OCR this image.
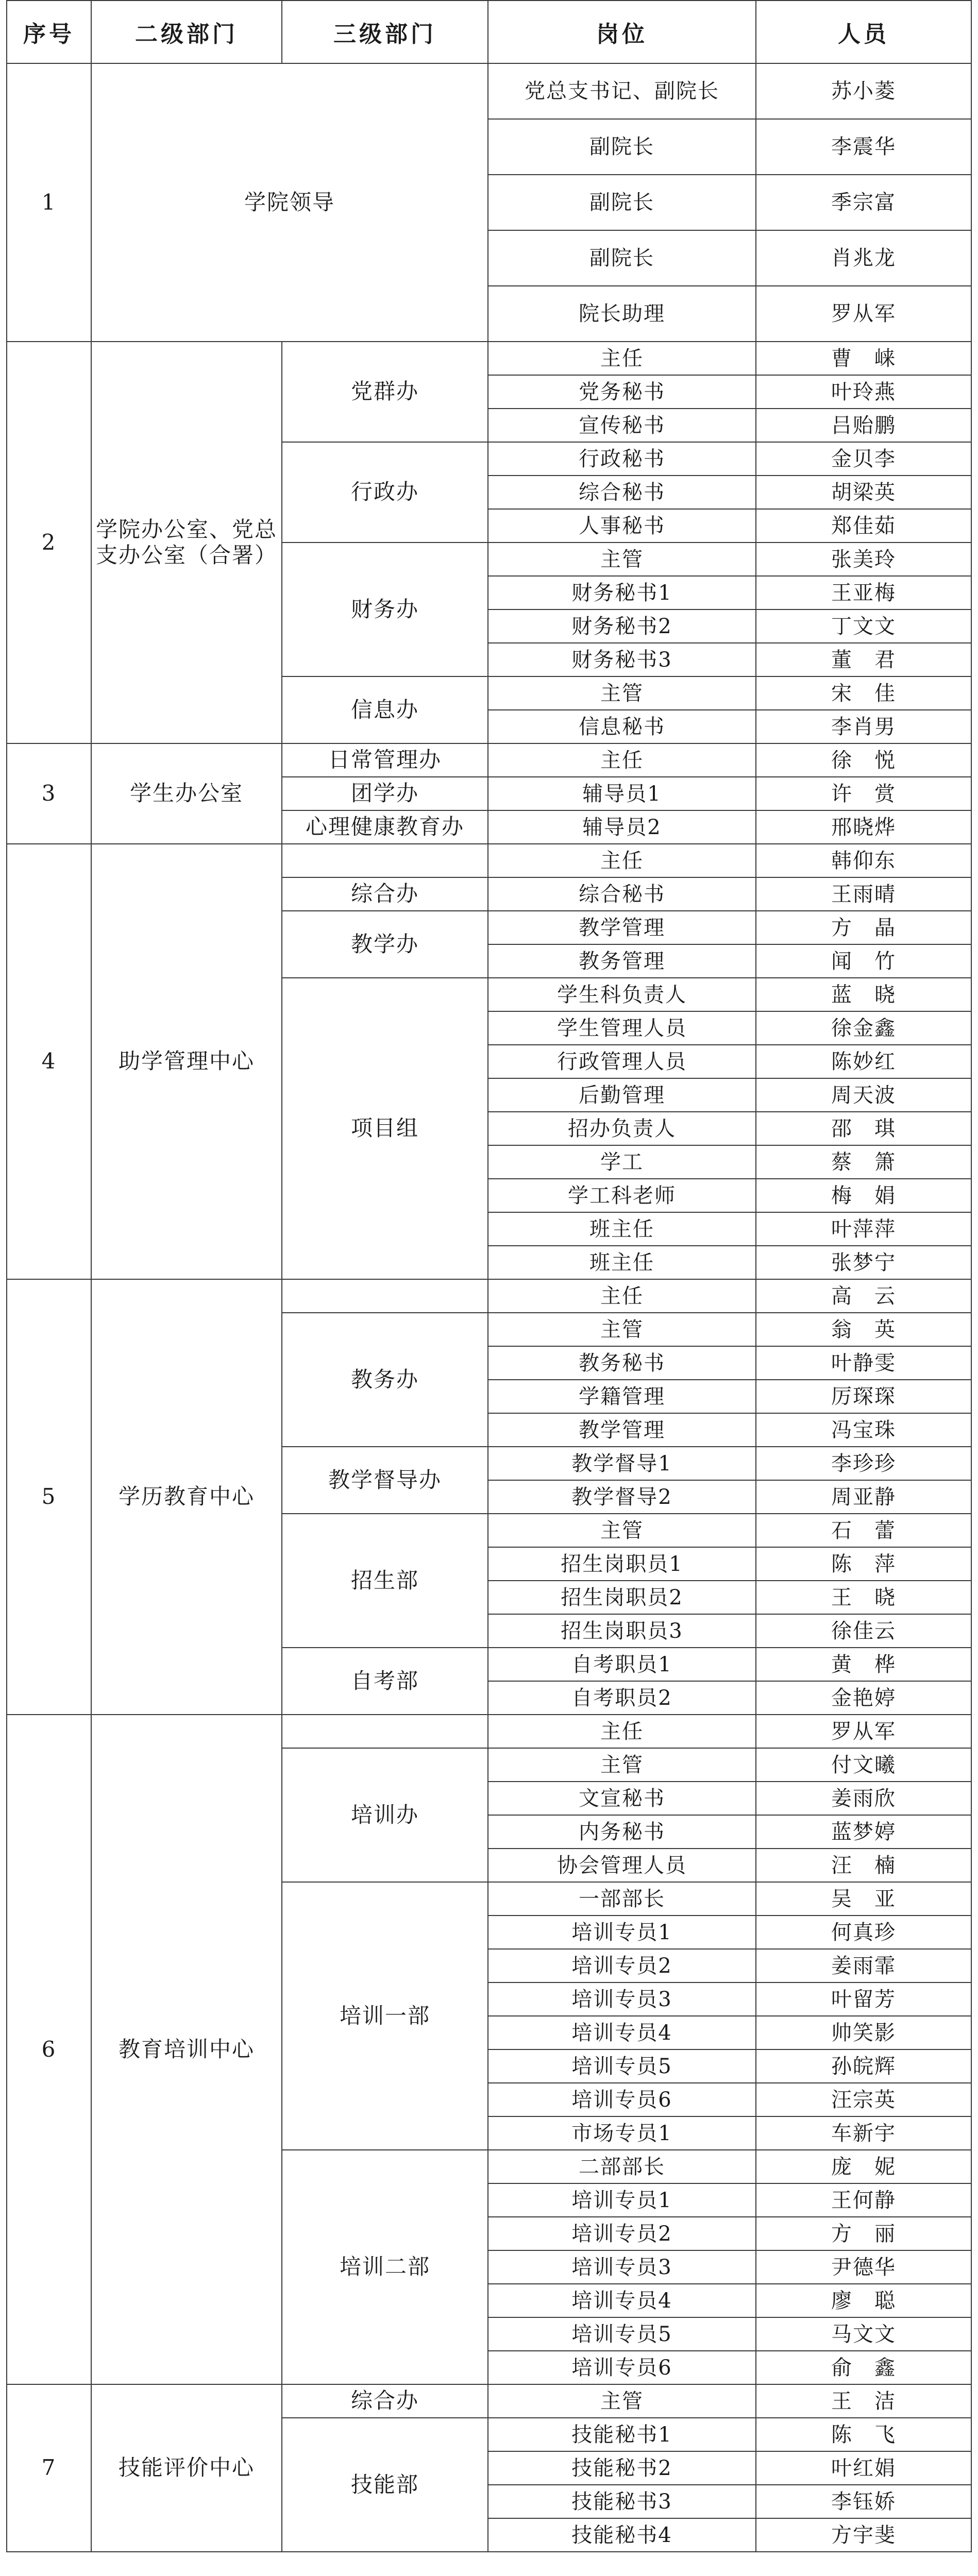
序号	二级部门	三级部门	岗位	人员
1	学院领导		党总支书记、副院长	苏小菱
			副院长	李震华
			副院长	季宗富
			副院长	肖兆龙
			院长助理	罗从军
2	学院办公室、党总支办公室（合署）	党群办	主任	曹　崃
			党务秘书	叶玲燕
			宣传秘书	吕贻鹏
		行政办	行政秘书	金贝李
			综合秘书	胡梁英
			人事秘书	郑佳茹
		财务办	主管	张美玲
			财务秘书1	王亚梅
			财务秘书2	丁文文
			财务秘书3	董　君
		信息办	主管	宋　佳
			信息秘书	李肖男
3	学生办公室	日常管理办	主任	徐　悦
		团学办	辅导员1	许　赏
		心理健康教育办	辅导员2	邢晓烨
4	助学管理中心		主任	韩仰东
		综合办	综合秘书	王雨晴
		教学办	教学管理	方　晶
			教务管理	闻　竹
		项目组	学生科负责人	蓝　晓
			学生管理人员	徐金鑫
			行政管理人员	陈妙红
			后勤管理	周天波
			招办负责人	邵　琪
			学工	蔡　箫
			学工科老师	梅　娟
			班主任	叶萍萍
			班主任	张梦宁
5	学历教育中心		主任	高　云
		教务办	主管	翁　英
			教务秘书	叶静雯
			学籍管理	厉琛琛
			教学管理	冯宝珠
		教学督导办	教学督导1	李珍珍
			教学督导2	周亚静
		招生部	主管	石　蕾
			招生岗职员1	陈　萍
			招生岗职员2	王　晓
			招生岗职员3	徐佳云
		自考部	自考职员1	黄　桦
			自考职员2	金艳婷
6	教育培训中心		主任	罗从军
		培训办	主管	付文曦
			文宣秘书	姜雨欣
			内务秘书	蓝梦婷
			协会管理人员	汪　楠
		培训一部	一部部长	吴　亚
			培训专员1	何真珍
			培训专员2	姜雨霏
			培训专员3	叶留芳
			培训专员4	帅笑影
			培训专员5	孙皖辉
			培训专员6	汪宗英
			市场专员1	车新宇
		培训二部	二部部长	庞　妮
			培训专员1	王何静
			培训专员2	方　丽
			培训专员3	尹德华
			培训专员4	廖　聪
			培训专员5	马文文
			培训专员6	俞　鑫
7	技能评价中心	综合办	主管	王　洁
		技能部	技能秘书1	陈　飞
			技能秘书2	叶红娟
			技能秘书3	李钰娇
			技能秘书4	方宇斐
